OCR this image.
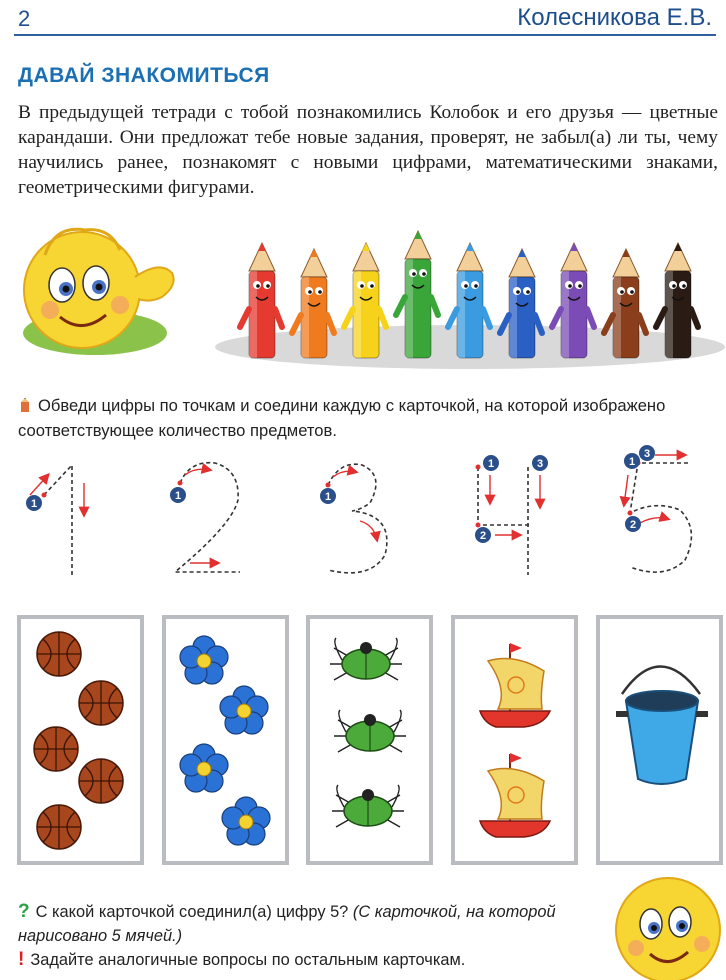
2	Колесникова Е.В.
ДАВАЙ ЗНАКОМИТЬСЯ
В предыдущей тетради с тобой познакомились Колобок и его друзья — цветные карандаши. Они предложат тебе новые задания, проверят, не забыл(а) ли ты, чему научились ранее, познакомят с новыми цифрами, математическими знаками, геометрическими фигурами.
Обведи цифры по точкам и соедини каждую с карточкой, на которой изображено соответствующее количество предметов.
1
1	1
1
2
3	1
2
3
? С какой карточкой соединил(а) цифру 5? (С карточкой, на которой нарисовано 5 мячей.)
! Задайте аналогичные вопросы по остальным карточкам.
